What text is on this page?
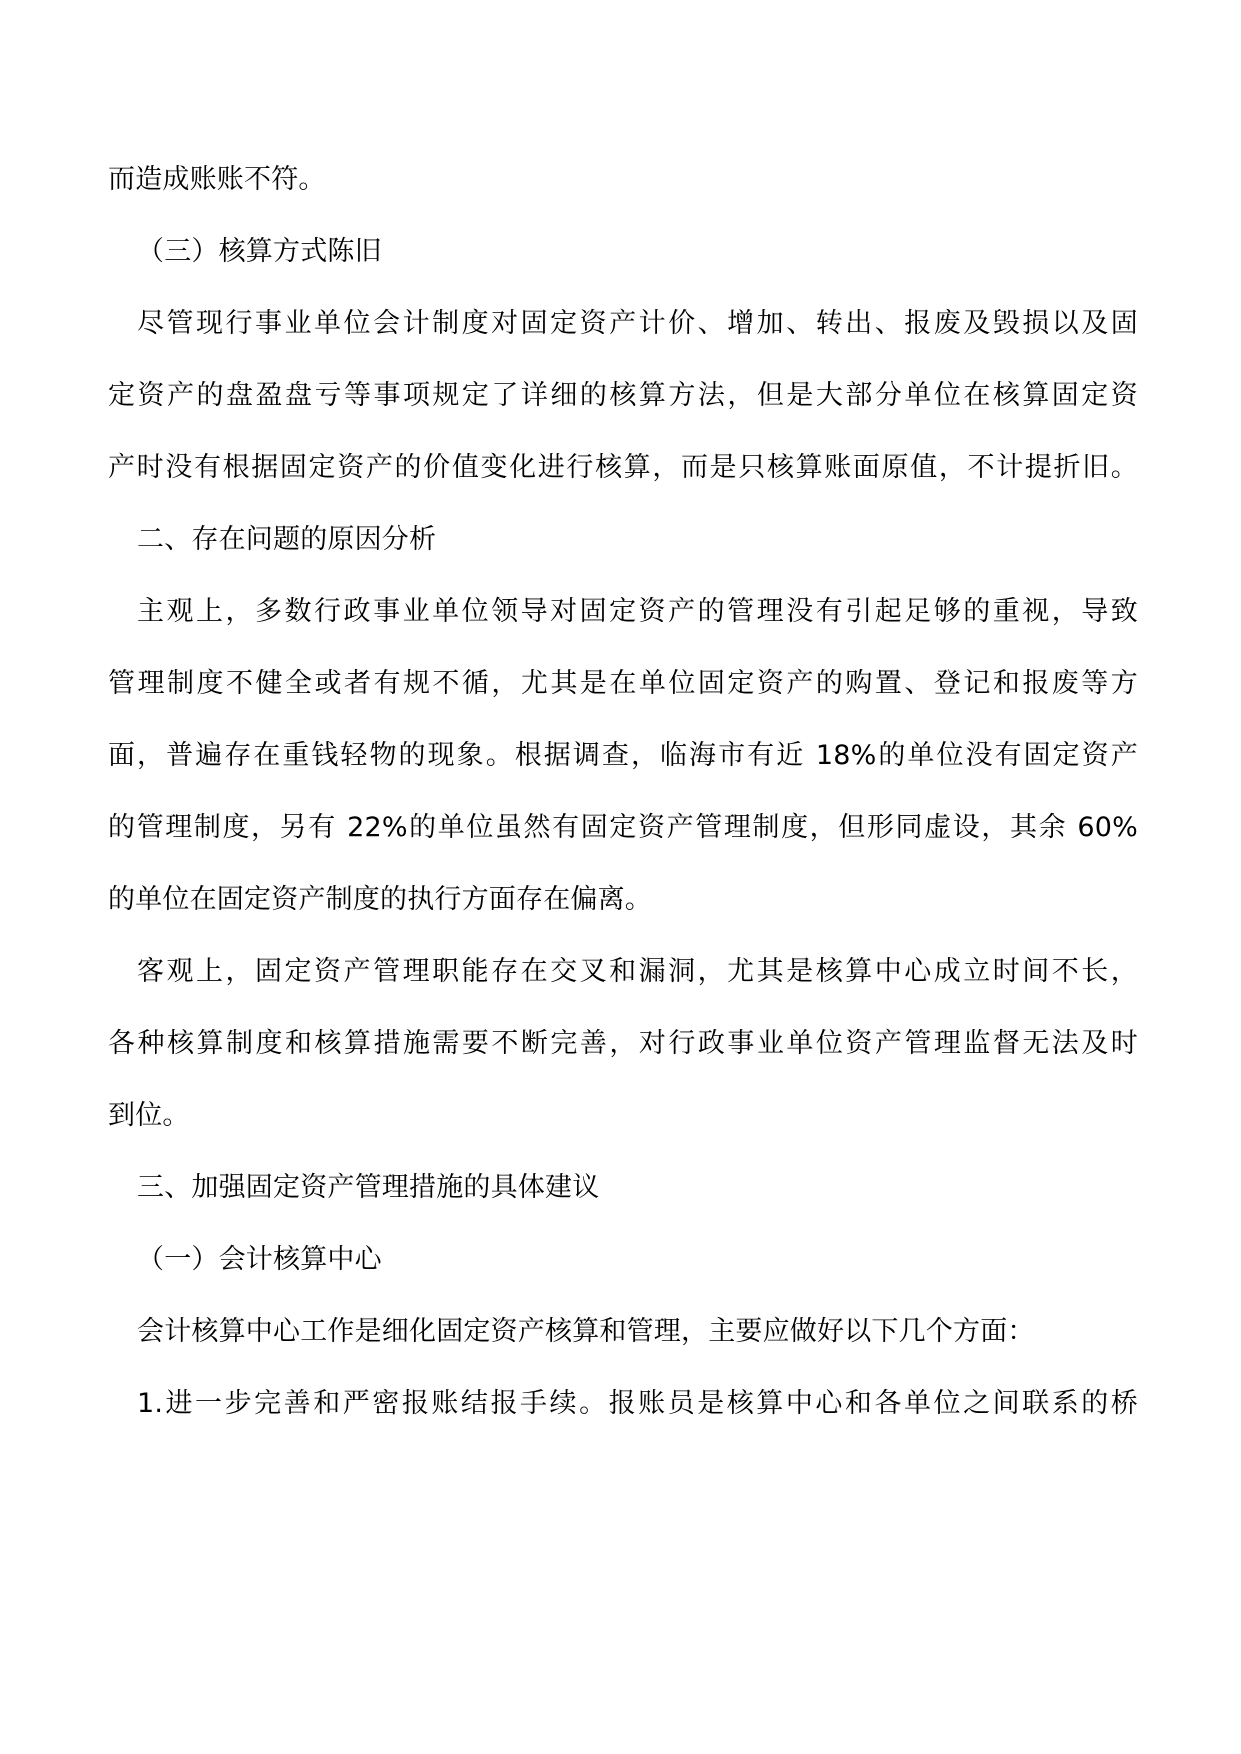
而造成账账不符。
（三）核算方式陈旧
尽管现行事业单位会计制度对固定资产计价、增加、转出、报废及毁损以及固
定资产的盘盈盘亏等事项规定了详细的核算方法，但是大部分单位在核算固定资
产时没有根据固定资产的价值变化进行核算，而是只核算账面原值，不计提折旧。
二、存在问题的原因分析
主观上，多数行政事业单位领导对固定资产的管理没有引起足够的重视，导致
管理制度不健全或者有规不循，尤其是在单位固定资产的购置、登记和报废等方
面，普遍存在重钱轻物的现象。根据调查，临海市有近 18%的单位没有固定资产
的管理制度，另有 22%的单位虽然有固定资产管理制度，但形同虚设，其余 60%
的单位在固定资产制度的执行方面存在偏离。
客观上，固定资产管理职能存在交叉和漏洞，尤其是核算中心成立时间不长，
各种核算制度和核算措施需要不断完善，对行政事业单位资产管理监督无法及时
到位。
三、加强固定资产管理措施的具体建议
（一）会计核算中心
会计核算中心工作是细化固定资产核算和管理，主要应做好以下几个方面：
1.进一步完善和严密报账结报手续。报账员是核算中心和各单位之间联系的桥
